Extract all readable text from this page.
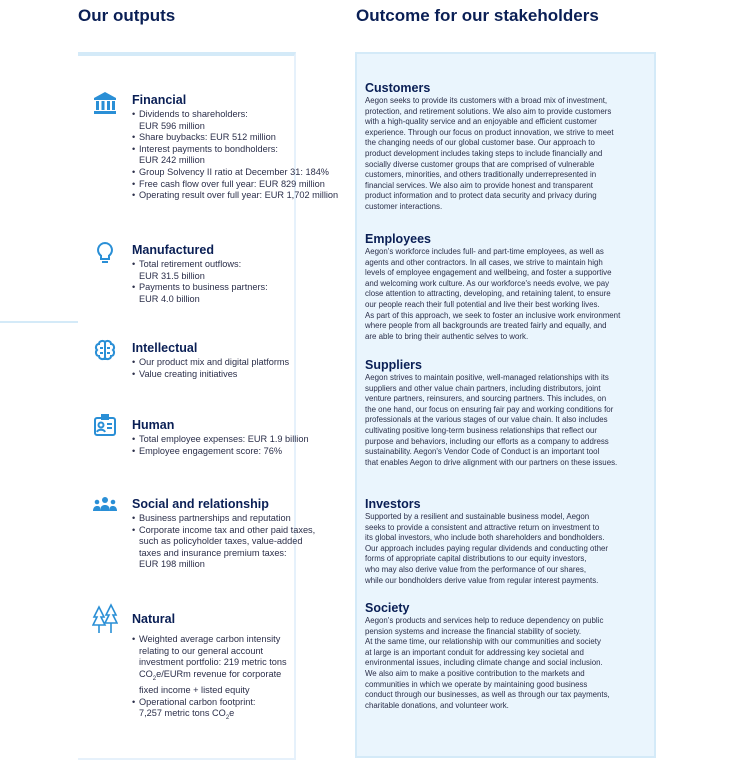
Our outputs	Outcome for our stakeholders
Financial
• Dividends to shareholders:
EUR 596 million
• Share buybacks: EUR 512 million
• Interest payments to bondholders:
EUR 242 million
• Group Solvency II ratio at December 31: 184%
• Free cash flow over full year: EUR 829 million
• Operating result over full year: EUR 1,702 million
Manufactured
• Total retirement outflows:
EUR 31.5 billion
• Payments to business partners:
EUR 4.0 billion
Intellectual
• Our product mix and digital platforms
• Value creating initiatives
Human
• Total employee expenses: EUR 1.9 billion
• Employee engagement score: 76%
Social and relationship
• Business partnerships and reputation
• Corporate income tax and other paid taxes,
such as policyholder taxes, value-added
taxes and insurance premium taxes:
EUR 198 million
Natural
• Weighted average carbon intensity
relating to our general account
investment portfolio: 219 metric tons
$CO_2e$/EURm revenue for corporate
fixed income + listed equity
• Operational carbon footprint:
7,257 metric tons $CO_2e$
Customers

Aegon seeks to provide its customers with a broad mix of investment,
protection, and retirement solutions. We also aim to provide customers
with a high-quality service and an enjoyable and efficient customer
experience. Through our focus on product innovation, we strive to meet
the changing needs of our global customer base. Our approach to
product development includes taking steps to include financially and
socially diverse customer groups that are comprised of vulnerable
customers, minorities, and others traditionally underrepresented in
financial services. We also aim to provide honest and transparent
product information and to protect data security and privacy during
customer interactions.

Employees

Aegon's workforce includes full- and part-time employees, as well as
agents and other contractors. In all cases, we strive to maintain high
levels of employee engagement and wellbeing, and foster a supportive
and welcoming work culture. As our workforce's needs evolve, we pay
close attention to attracting, developing, and retaining talent, to ensure
our people reach their full potential and live their best working lives.
As part of this approach, we seek to foster an inclusive work environment
where people from all backgrounds are treated fairly and equally, and
are able to bring their authentic selves to work.

Suppliers

Aegon strives to maintain positive, well-managed relationships with its
suppliers and other value chain partners, including distributors, joint
venture partners, reinsurers, and sourcing partners. This includes, on
the one hand, our focus on ensuring fair pay and working conditions for
professionals at the various stages of our value chain. It also includes
cultivating positive long-term business relationships that reflect our
purpose and behaviors, including our efforts as a company to address
sustainability. Aegon's Vendor Code of Conduct is an important tool
that enables Aegon to drive alignment with our partners on these issues.

Investors

Supported by a resilient and sustainable business model, Aegon
seeks to provide a consistent and attractive return on investment to
its global investors, who include both shareholders and bondholders.
Our approach includes paying regular dividends and conducting other
forms of appropriate capital distributions to our equity investors,
who may also derive value from the performance of our shares,
while our bondholders derive value from regular interest payments.

Society

Aegon's products and services help to reduce dependency on public
pension systems and increase the financial stability of society.
At the same time, our relationship with our communities and society
at large is an important conduit for addressing key societal and
environmental issues, including climate change and social inclusion.
We also aim to make a positive contribution to the markets and
communities in which we operate by maintaining good business
conduct through our businesses, as well as through our tax payments,
charitable donations, and volunteer work.
